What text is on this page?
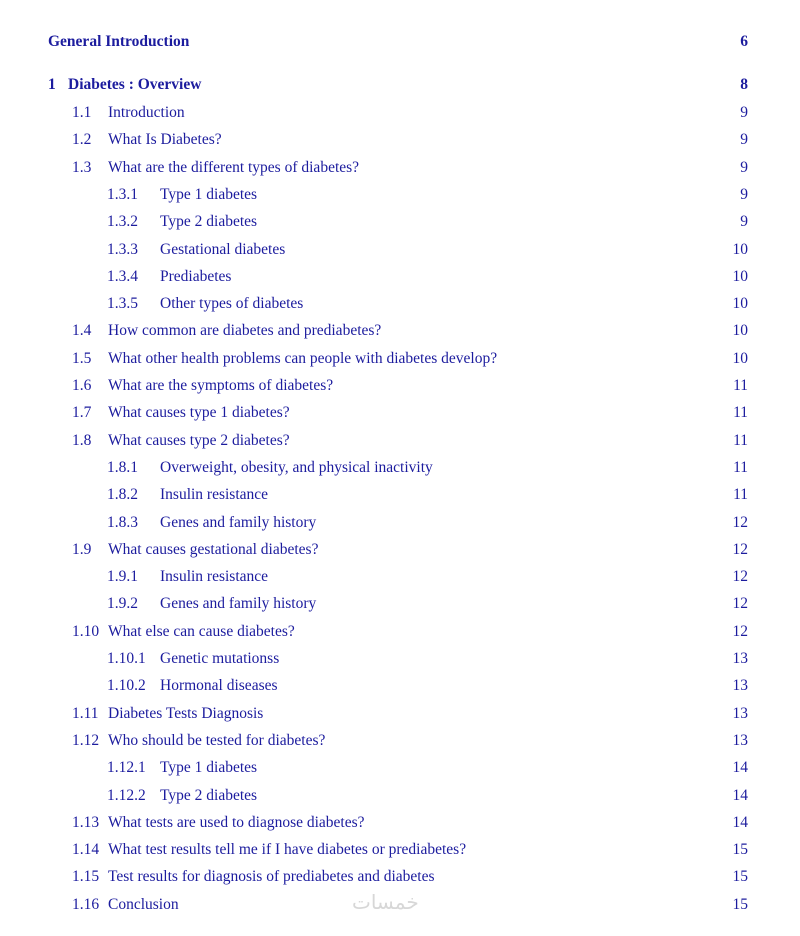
General Introduction	6
1 Diabetes : Overview	8
1.1	Introduction	9
1.2	What Is Diabetes?	9
1.3	What are the different types of diabetes?	9
1.3.1	Type 1 diabetes	9
1.3.2	Type 2 diabetes	9
1.3.3	Gestational diabetes	10
1.3.4	Prediabetes	10
1.3.5	Other types of diabetes	10
1.4	How common are diabetes and prediabetes?	10
1.5	What other health problems can people with diabetes develop?	10
1.6	What are the symptoms of diabetes?	11
1.7	What causes type 1 diabetes?	11
1.8	What causes type 2 diabetes?	11
1.8.1	Overweight, obesity, and physical inactivity	11
1.8.2	Insulin resistance	11
1.8.3	Genes and family history	12
1.9	What causes gestational diabetes?	12
1.9.1	Insulin resistance	12
1.9.2	Genes and family history	12
1.10 What else can cause diabetes?	12
1.10.1 Genetic mutationss	13
1.10.2 Hormonal diseases	13
1.11 Diabetes Tests Diagnosis	13
1.12 Who should be tested for diabetes?	13
1.12.1 Type 1 diabetes	14
1.12.2 Type 2 diabetes	14
1.13 What tests are used to diagnose diabetes?	14
1.14 What test results tell me if I have diabetes or prediabetes?	15
1.15 Test results for diagnosis of prediabetes and diabetes	15
1.16 Conclusion	15
خمسات
